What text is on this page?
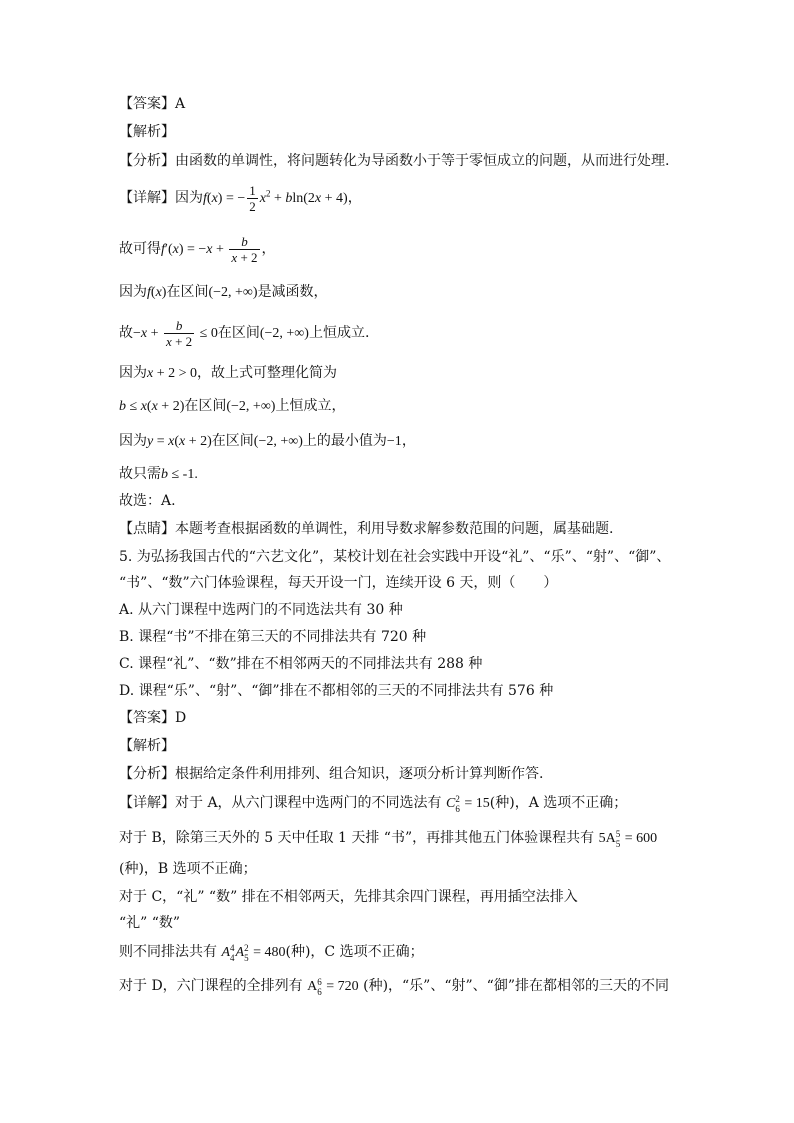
【答案】A
【解析】
【分析】由函数的单调性，将问题转化为导函数小于等于零恒成立的问题，从而进行处理.
【详解】因为f(x) = − $\frac{1}{2} x^2 + bln(2x + 4)$，
故可得$f'(x) = -x + \frac{b}{x + 2}$ ，
因为f(x)在区间(−2, +∞)是减函数，
故$-x + \frac{b}{x + 2} \le 0$在区间(−2, +∞)上恒成立.
因为x + 2 > 0，故上式可整理化简为
b ≤ x(x + 2)在区间(−2, +∞)上恒成立，
因为y = x(x + 2)在区间(−2, +∞)上的最小值为−1，
故只需b ≤ -1.
故选：A.
【点睛】本题考查根据函数的单调性，利用导数求解参数范围的问题，属基础题.
5. 为弘扬我国古代的“六艺文化”，某校计划在社会实践中开设“礼”、“乐”、“射”、“御”、
“书”、“数”六门体验课程，每天开设一门，连续开设 6 天，则（　　）
A. 从六门课程中选两门的不同选法共有 30 种
B. 课程“书”不排在第三天的不同排法共有 720 种
C. 课程“礼”、“数”排在不相邻两天的不同排法共有 288 种
D. 课程“乐”、“射”、“御”排在不都相邻的三天的不同排法共有 576 种
【答案】D
【解析】
【分析】根据给定条件利用排列、组合知识，逐项分析计算判断作答.
【详解】对于 A，从六门课程中选两门的不同选法有 C 2
6 = 15(种)，A 选项不正确；
对于 B，除第三天外的 5 天中任取 1 天排 “书”，再排其他五门体验课程共有 5A 5
5 = 600
(种)，B 选项不正确；
对于 C，“礼” “数” 排在不相邻两天，先排其余四门课程，再用插空法排入
“礼” “数”
则不同排法共有 A 4
4 A 2
5 = 480(种)，C 选项不正确；
对于 D，六门课程的全排列有 A 6
6 = 720 (种)，“乐”、“射”、“御”排在都相邻的三天的不同
